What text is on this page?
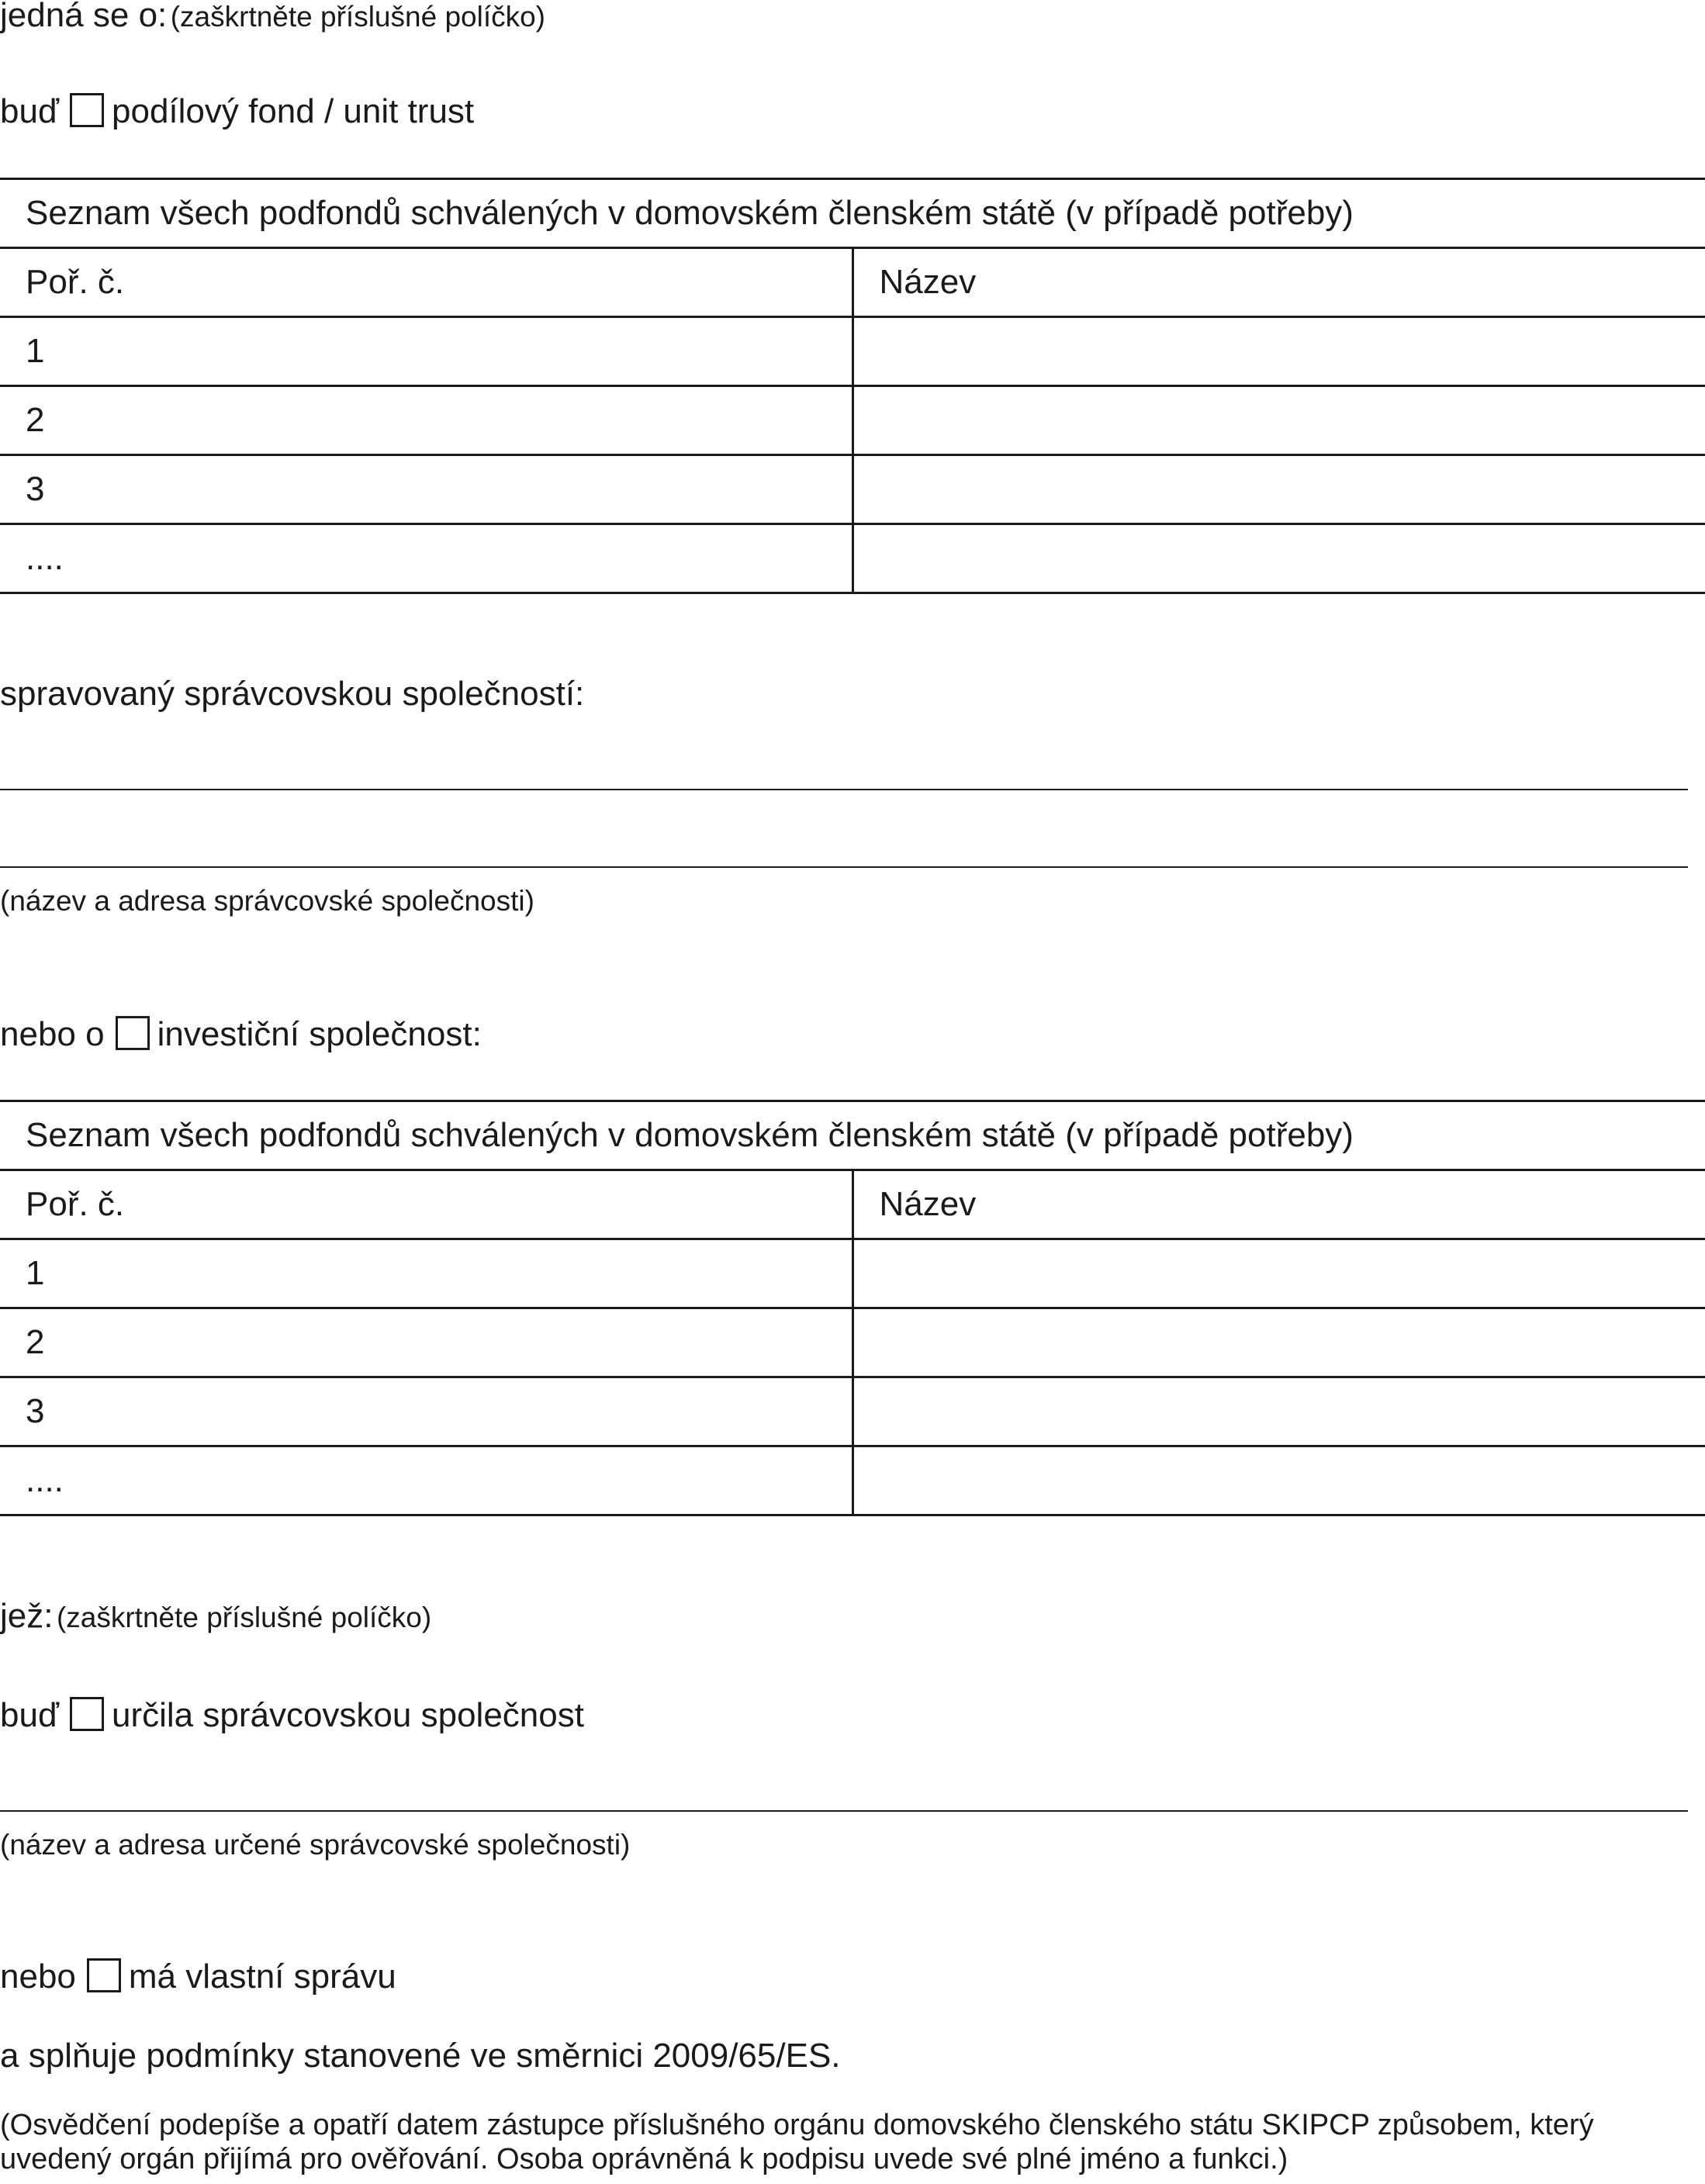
jedná se o: (zaškrtněte příslušné políčko)
buď podílový fond / unit trust
Seznam všech podfondů schválených v domovském členském státě (v případě potřeby)	
Poř. č.	Název
1	
2	
3	
....	
spravovaný správcovskou společností:
(název a adresa správcovské společnosti)
nebo o investiční společnost:
Seznam všech podfondů schválených v domovském členském státě (v případě potřeby)	
Poř. č.	Název
1	
2	
3	
....	
jež: (zaškrtněte příslušné políčko)
buď určila správcovskou společnost
(název a adresa určené správcovské společnosti)
nebo má vlastní správu
a splňuje podmínky stanovené ve směrnici 2009/65/ES.
(Osvědčení podepíše a opatří datem zástupce příslušného orgánu domovského členského státu SKIPCP způsobem, který uvedený orgán přijímá pro ověřování. Osoba oprávněná k podpisu uvede své plné jméno a funkci.)
